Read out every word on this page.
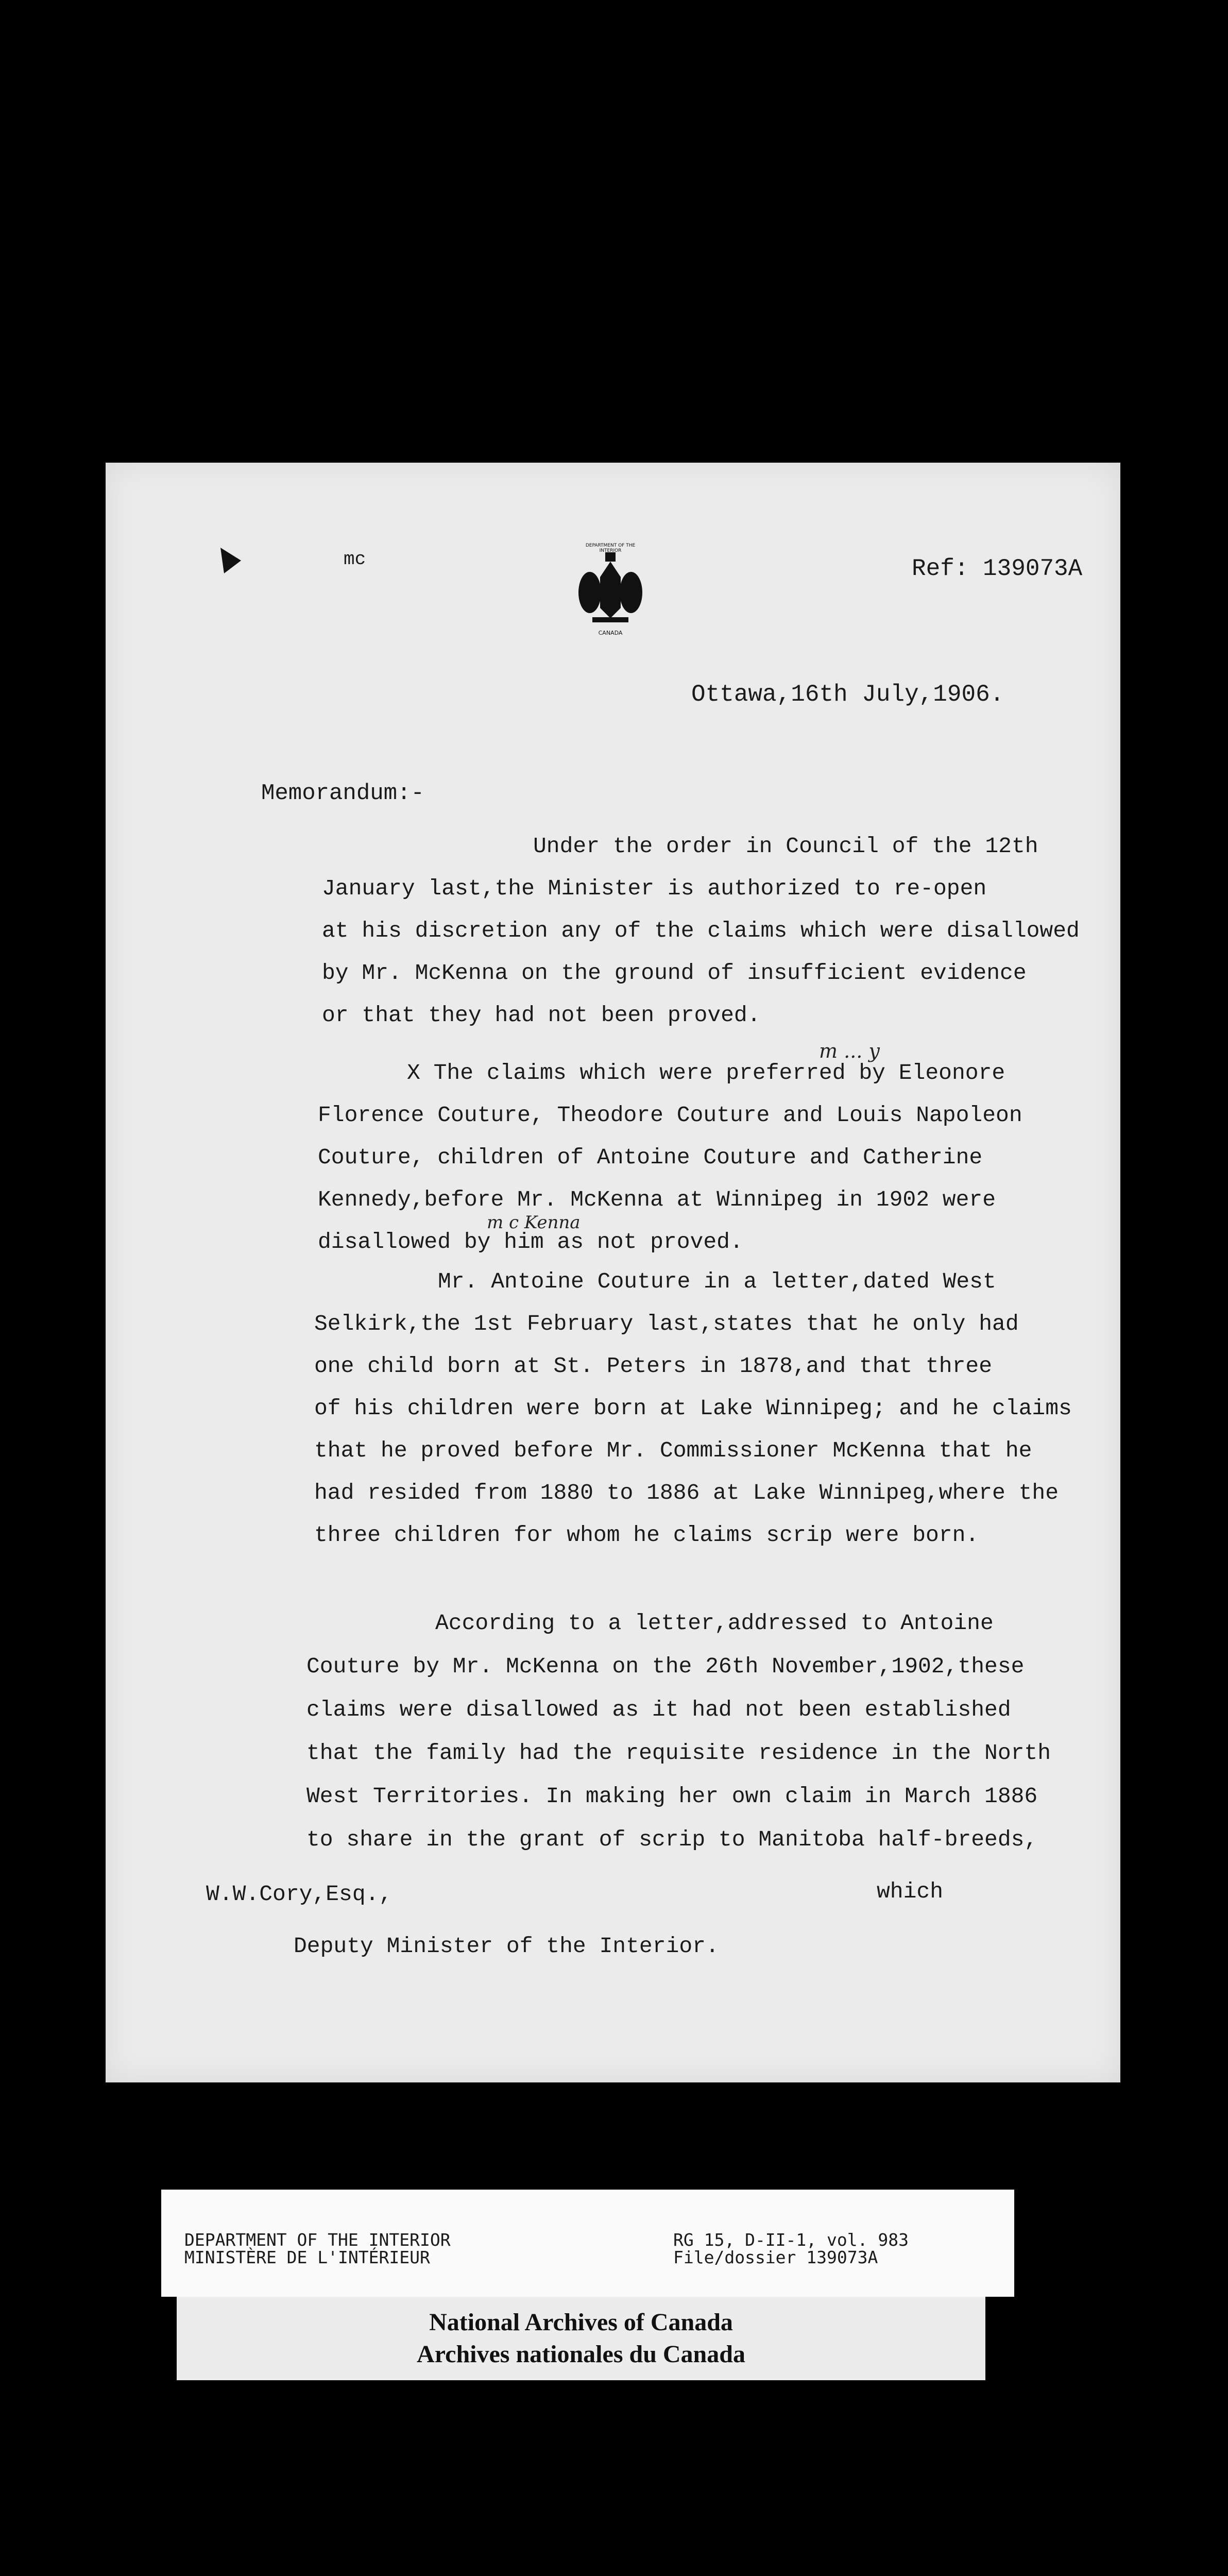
mc
DEPARTMENT OF THE INTERIOR
CANADA
Ref: 139073A
Ottawa,16th July,1906.
Memorandum:-
Under the order in Council of the 12th
January last,the Minister is authorized to re-open
at his discretion any of the claims which were disallowed
by Mr. McKenna on the ground of insufficient evidence
or that they had not been proved.
m ... y
X The claims which were preferred by Eleonore
Florence Couture, Theodore Couture and Louis Napoleon
Couture, children of Antoine Couture and Catherine
Kennedy,before Mr. McKenna at Winnipeg in 1902 were
disallowed by him as not proved.
m c Kenna
Mr. Antoine Couture in a letter,dated West
Selkirk,the 1st February last,states that he only had
one child born at St. Peters in 1878,and that three
of his children were born at Lake Winnipeg; and he claims
that he proved before Mr. Commissioner McKenna that he
had resided from 1880 to 1886 at Lake Winnipeg,where the
three children for whom he claims scrip were born.
According to a letter,addressed to Antoine
Couture by Mr. McKenna on the 26th November,1902,these
claims were disallowed as it had not been established
that the family had the requisite residence in the North
West Territories. In making her own claim in March 1886
to share in the grant of scrip to Manitoba half-breeds,
which
W.W.Cory,Esq.,
Deputy Minister of the Interior.
DEPARTMENT OF THE INTERIOR
MINISTÈRE DE L'INTÉRIEUR
RG 15, D-II-1, vol. 983
File/dossier 139073A
National Archives of Canada
Archives nationales du Canada
